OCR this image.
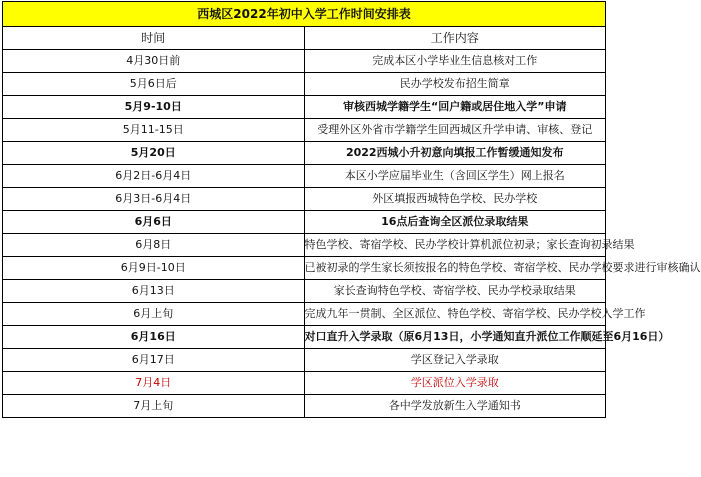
西城区2022年初中入学工作时间安排表	
时间	工作内容
4月30日前	完成本区小学毕业生信息核对工作
5月6日后	民办学校发布招生简章
5月9-10日	审核西城学籍学生“回户籍或居住地入学”申请
5月11-15日	受理外区外省市学籍学生回西城区升学申请、审核、登记
5月20日	2022西城小升初意向填报工作暂缓通知发布
6月2日-6月4日	本区小学应届毕业生（含回区学生）网上报名
6月3日-6月4日	外区填报西城特色学校、民办学校
6月6日	16点后查询全区派位录取结果
6月8日	特色学校、寄宿学校、民办学校计算机派位初录；家长查询初录结果
6月9日-10日	已被初录的学生家长须按报名的特色学校、寄宿学校、民办学校要求进行审核确认
6月13日	家长查询特色学校、寄宿学校、民办学校录取结果
6月上旬	完成九年一贯制、全区派位、特色学校、寄宿学校、民办学校入学工作
6月16日	对口直升入学录取（原6月13日，小学通知直升派位工作顺延至6月16日）
6月17日	学区登记入学录取
7月4日	学区派位入学录取
7月上旬	各中学发放新生入学通知书
